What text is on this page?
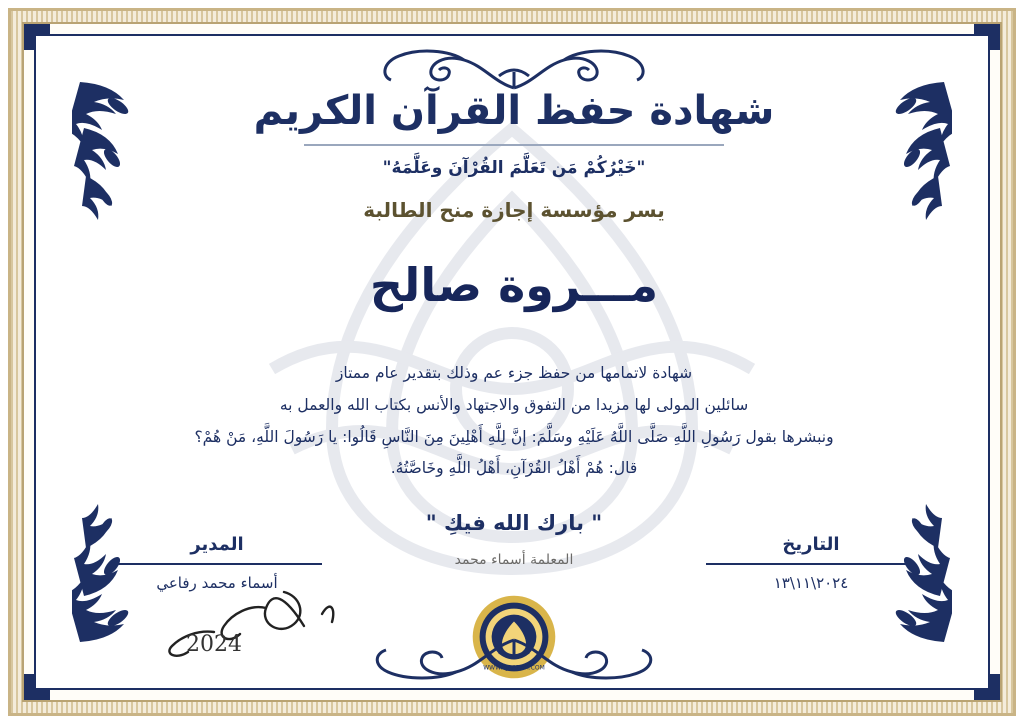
شهادة حفظ القرآن الكريم
"خَيْرُكُمْ مَن تَعَلَّمَ القُرْآنَ وعَلَّمَهُ"
يسر مؤسسة إجازة منح الطالبة
مـــروة صالح
شهادة لاتمامها من حفظ جزء عم وذلك بتقدير عام ممتاز
سائلين المولى لها مزيدا من التفوق والاجتهاد والأنس بكتاب الله والعمل به
ونبشرها بقول رَسُولِ اللَّهِ صَلَّى اللَّهُ عَلَيْهِ وسَلَّمَ: إنَّ لِلَّهِ أَهْلِينَ مِنَ النَّاسِ قَالُوا: يا رَسُولَ اللَّهِ، مَنْ هُمْ؟
قال: هُمْ أَهْلُ القُرْآنِ، أَهْلُ اللَّهِ وخَاصَّتُهُ.
" بارك الله فيكِ "
المعلمة أسماء محمد
التاريخ
٢٠٢٤\١١\١٣
المدير
أسماء محمد رفاعي
2024
WWW.EJAAZAH.COM
